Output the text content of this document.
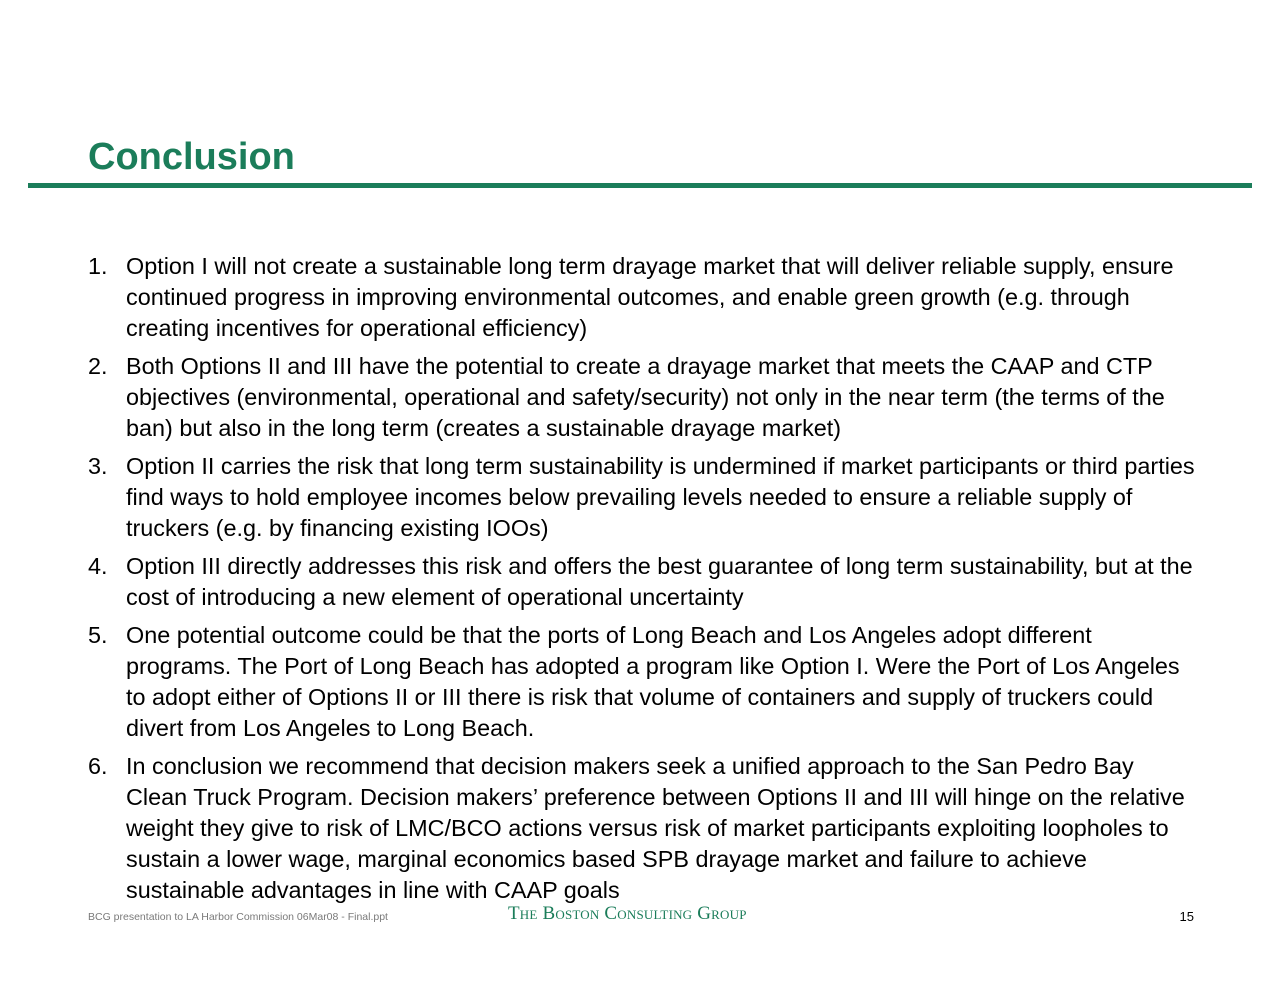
Conclusion
1. Option I will not create a sustainable long term drayage market that will deliver reliable supply, ensure continued progress in improving environmental outcomes, and enable green growth (e.g. through creating incentives for operational efficiency)
2. Both Options II and III have the potential to create a drayage market that meets the CAAP and CTP objectives (environmental, operational and safety/security) not only in the near term (the terms of the ban) but also in the long term (creates a sustainable drayage market)
3. Option II carries the risk that long term sustainability is undermined if market participants or third parties find ways to hold employee incomes below prevailing levels needed to ensure a reliable supply of truckers (e.g. by financing existing IOOs)
4. Option III directly addresses this risk and offers the best guarantee of long term sustainability, but at the cost of introducing a new element of operational uncertainty
5. One potential outcome could be that the ports of Long Beach and Los Angeles adopt different programs. The Port of Long Beach has adopted a program like Option I. Were the Port of Los Angeles to adopt either of Options II or III there is risk that volume of containers and supply of truckers could divert from Los Angeles to Long Beach.
6. In conclusion we recommend that decision makers seek a unified approach to the San Pedro Bay Clean Truck Program. Decision makers’ preference between Options II and III will hinge on the relative weight they give to risk of LMC/BCO actions versus risk of market participants exploiting loopholes to sustain a lower wage, marginal economics based SPB drayage market and failure to achieve sustainable advantages in line with CAAP goals
BCG presentation to LA Harbor Commission 06Mar08 - Final.ppt	The Boston Consulting Group	15
